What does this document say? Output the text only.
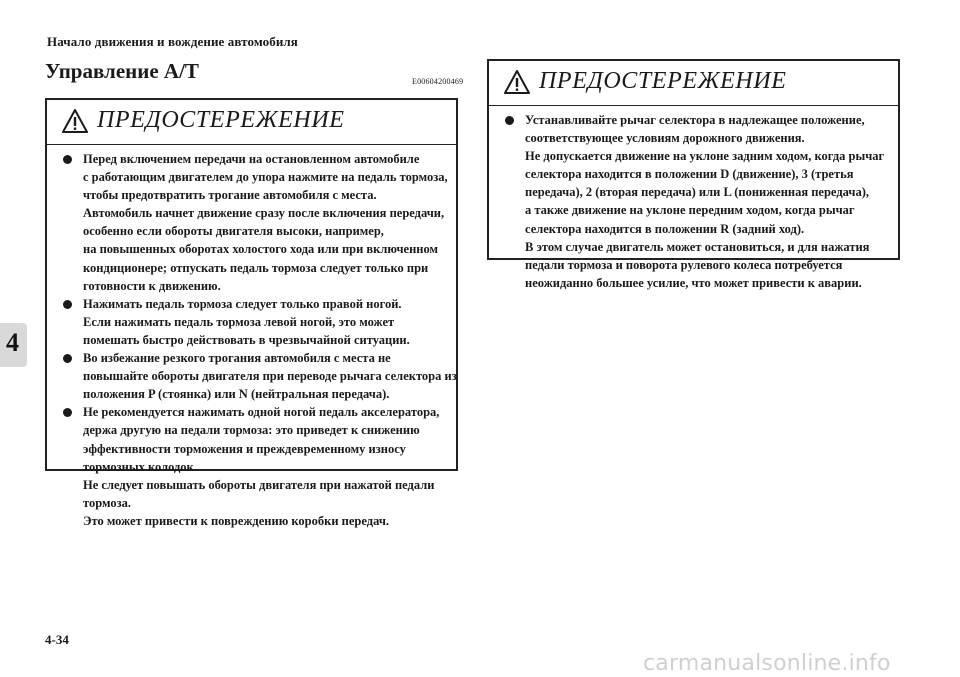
Начало движения и вождение автомобиля
Управление A/T	E00604200469
4
ПРЕДОСТЕРЕЖЕНИЕ
Перед включением передачи на остановленном автомобиле
с работающим двигателем до упора нажмите на педаль тормоза,
чтобы предотвратить трогание автомобиля с места.
Автомобиль начнет движение сразу после включения передачи,
особенно если обороты двигателя высоки, например,
на повышенных оборотах холостого хода или при включенном
кондиционере; отпускать педаль тормоза следует только при
готовности к движению.
Нажимать педаль тормоза следует только правой ногой.
Если нажимать педаль тормоза левой ногой, это может
помешать быстро действовать в чрезвычайной ситуации.
Во избежание резкого трогания автомобиля с места не
повышайте обороты двигателя при переводе рычага селектора из
положения P (стоянка) или N (нейтральная передача).
Не рекомендуется нажимать одной ногой педаль акселератора,
держа другую на педали тормоза: это приведет к снижению
эффективности торможения и преждевременному износу
тормозных колодок.
Не следует повышать обороты двигателя при нажатой педали
тормоза.
Это может привести к повреждению коробки передач.
ПРЕДОСТЕРЕЖЕНИЕ
Устанавливайте рычаг селектора в надлежащее положение,
соответствующее условиям дорожного движения.
Не допускается движение на уклоне задним ходом, когда рычаг
селектора находится в положении D (движение), 3 (третья
передача), 2 (вторая передача) или L (пониженная передача),
а также движение на уклоне передним ходом, когда рычаг
селектора находится в положении R (задний ход).
В этом случае двигатель может остановиться, и для нажатия
педали тормоза и поворота рулевого колеса потребуется
неожиданно большее усилие, что может привести к аварии.
4-34
carmanualsonline.info
